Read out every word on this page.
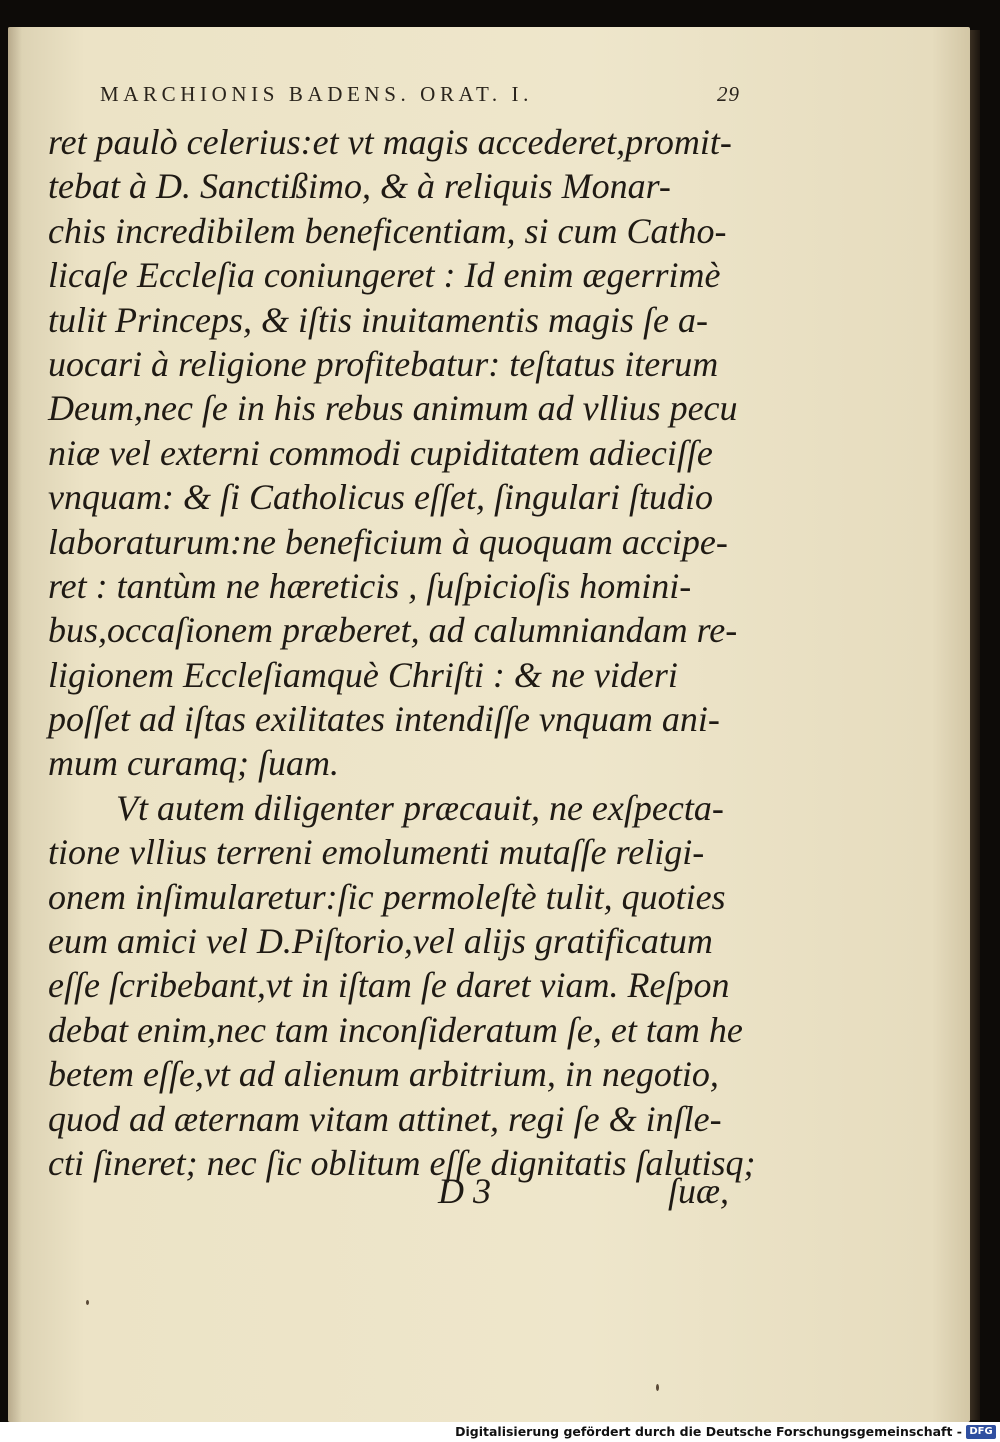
MARCHIONIS BADENS. ORAT. I.	29
ret paulò celerius:et vt magis accederet,promit-
tebat à D. Sanctißimo, & à reliquis Monar-
chis incredibilem beneficentiam, si cum Catho-
licaſe Eccleſia coniungeret : Id enim ægerrimè
tulit Princeps, & iſtis inuitamentis magis ſe a-
uocari à religione profitebatur: teſtatus iterum
Deum,nec ſe in his rebus animum ad vllius pecu
niæ vel externi commodi cupiditatem adieciſſe
vnquam: & ſi Catholicus eſſet, ſingulari ſtudio
laboraturum:ne beneficium à quoquam accipe-
ret : tantùm ne hæreticis , ſuſpicioſis homini-
bus,occaſionem præberet, ad calumniandam re-
ligionem Eccleſiamquè Chriſti : & ne videri
poſſet ad iſtas exilitates intendiſſe vnquam ani-
mum curamq; ſuam.
Vt autem diligenter præcauit, ne exſpecta-
tione vllius terreni emolumenti mutaſſe religi-
onem inſimularetur:ſic permoleſtè tulit, quoties
eum amici vel D.Piſtorio,vel alijs gratificatum
eſſe ſcribebant,vt in iſtam ſe daret viam. Reſpon
debat enim,nec tam inconſideratum ſe, et tam he
betem eſſe,vt ad alienum arbitrium, in negotio,
quod ad æternam vitam attinet, regi ſe & inſle-
cti ſineret; nec ſic oblitum eſſe dignitatis ſalutisq;
D 3	ſuæ,
Digitalisierung gefördert durch die Deutsche Forschungsgemeinschaft - DFG
